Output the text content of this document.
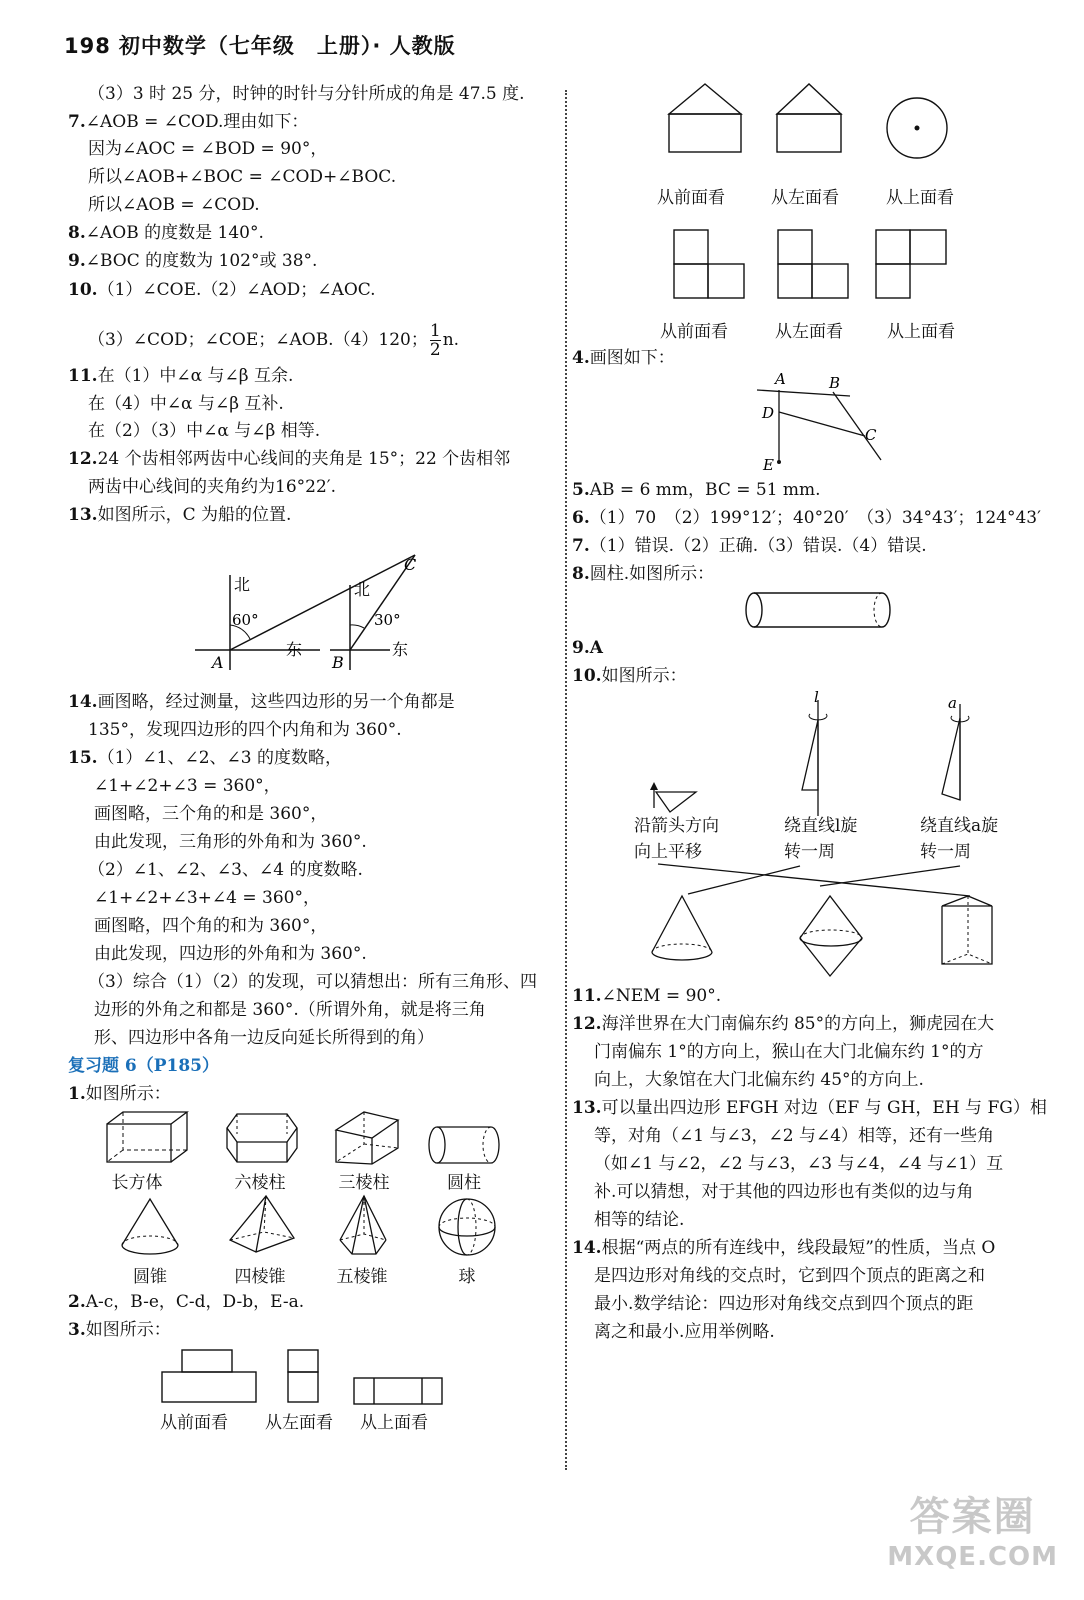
198 初中数学（七年级　上册）· 人教版
（3）3 时 25 分，时钟的时针与分针所成的角是 47.5 度.
7.∠AOB = ∠COD.理由如下：
因为∠AOC = ∠BOD = 90°，
所以∠AOB+∠BOC = ∠COD+∠BOC.
所以∠AOB = ∠COD.
8.∠AOB 的度数是 140°.
9.∠BOC 的度数为 102°或 38°.
10.（1）∠COE.（2）∠AOD；∠AOC.
（3）∠COD；∠COE；∠AOB.（4）120； $\frac{1}{2} n$.
11.在（1）中∠α 与∠β 互余.
在（4）中∠α 与∠β 互补.
在（2）（3）中∠α 与∠β 相等.
12.24 个齿相邻两齿中心线间的夹角是 15°；22 个齿相邻
两齿中心线间的夹角约为16°22′.
13.如图所示，C 为船的位置.
北	北
东	东
60°	30°
A	B
C
14.画图略，经过测量，这些四边形的另一个角都是
135°，发现四边形的四个内角和为 360°.
15.（1）∠1、∠2、∠3 的度数略，
∠1+∠2+∠3 = 360°，
画图略，三个角的和是 360°，
由此发现，三角形的外角和为 360°.
（2）∠1、∠2、∠3、∠4 的度数略.
∠1+∠2+∠3+∠4 = 360°，
画图略，四个角的和为 360°，
由此发现，四边形的外角和为 360°.
（3）综合（1）（2）的发现，可以猜想出：所有三角形、四
边形的外角之和都是 360°.（所谓外角，就是将三角
形、四边形中各角一边反向延长所得到的角）
复习题 6（P185）
1.如图所示：
长方体	六棱柱	三棱柱	圆柱
圆锥	四棱锥	五棱锥	球
2.A-c，B-e，C-d，D-b，E-a.
3.如图所示：
从前面看 从左面看 从上面看
从前面看	从左面看	从上面看
从前面看	从左面看	从上面看
4.画图如下：
A	B
C
D
E
5.AB = 6 mm，BC = 51 mm.
6.（1）70　（2）199°12′；40°20′　（3）34°43′；124°43′
7.（1）错误.（2）正确.（3）错误.（4）错误.
8.圆柱.如图所示：
9.A
10.如图所示：
l	a
沿箭头方向
向上平移
绕直线l旋
转一周
绕直线a旋
转一周
11.∠NEM = 90°.
12.海洋世界在大门南偏东约 85°的方向上，狮虎园在大
门南偏东 1°的方向上，猴山在大门北偏东约 1°的方
向上，大象馆在大门北偏东约 45°的方向上.
13.可以量出四边形 EFGH 对边（EF 与 GH，EH 与 FG）相
等，对角（∠1 与∠3，∠2 与∠4）相等，还有一些角
（如∠1 与∠2，∠2 与∠3，∠3 与∠4，∠4 与∠1）互
补.可以猜想，对于其他的四边形也有类似的边与角
相等的结论.
14.根据“两点的所有连线中，线段最短”的性质，当点 O
是四边形对角线的交点时，它到四个顶点的距离之和
最小.数学结论：四边形对角线交点到四个顶点的距
离之和最小.应用举例略.
答案圈
MXQE.COM
